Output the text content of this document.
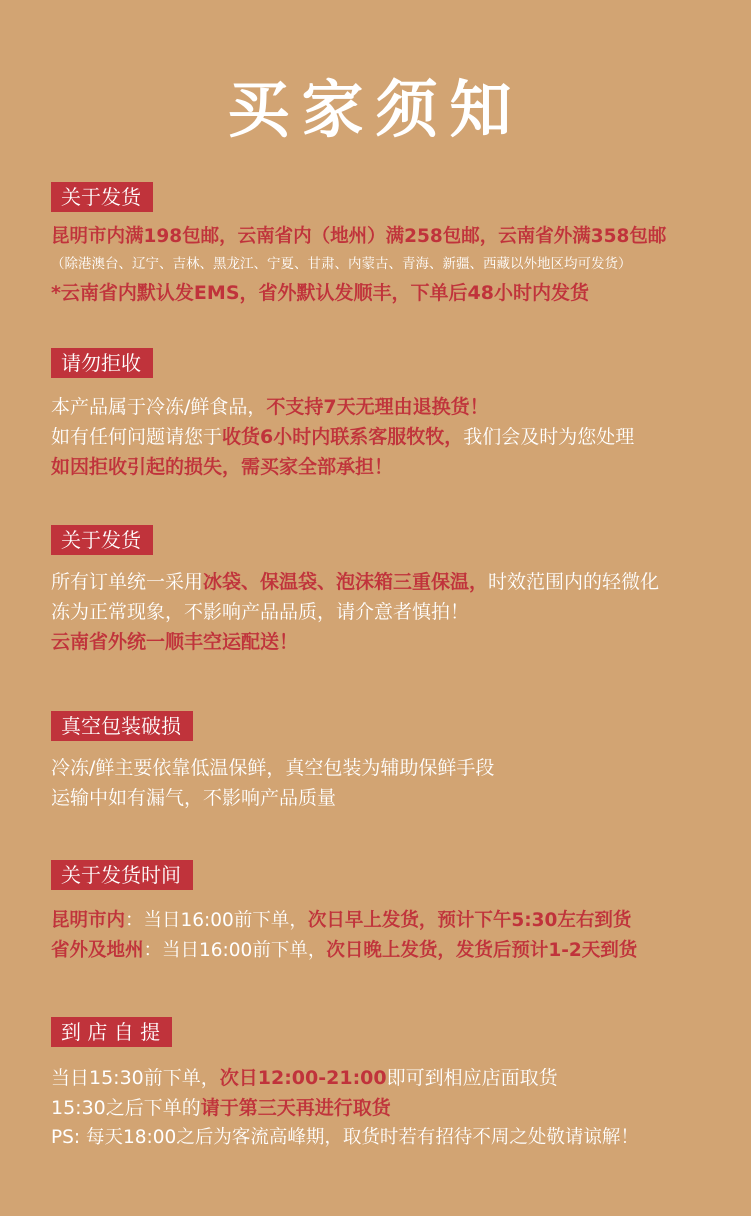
买家须知
关于发货
昆明市内满198包邮，云南省内（地州）满258包邮，云南省外满358包邮
（除港澳台、辽宁、吉林、黑龙江、宁夏、甘肃、内蒙古、青海、新疆、西藏以外地区均可发货）
*云南省内默认发EMS，省外默认发顺丰，下单后48小时内发货
请勿拒收
本产品属于冷冻/鲜食品，不支持7天无理由退换货！
如有任何问题请您于收货6小时内联系客服牧牧，我们会及时为您处理
如因拒收引起的损失，需买家全部承担！
关于发货
所有订单统一采用冰袋、保温袋、泡沫箱三重保温，时效范围内的轻微化
冻为正常现象，不影响产品品质，请介意者慎拍！
云南省外统一顺丰空运配送！
真空包装破损
冷冻/鲜主要依靠低温保鲜，真空包装为辅助保鲜手段
运输中如有漏气，不影响产品质量
关于发货时间
昆明市内：当日16:00前下单，次日早上发货，预计下午5:30左右到货
省外及地州：当日16:00前下单，次日晚上发货，发货后预计1-2天到货
到 店 自 提
当日15:30前下单，次日12:00-21:00即可到相应店面取货
15:30之后下单的请于第三天再进行取货
PS: 每天18:00之后为客流高峰期，取货时若有招待不周之处敬请谅解！
